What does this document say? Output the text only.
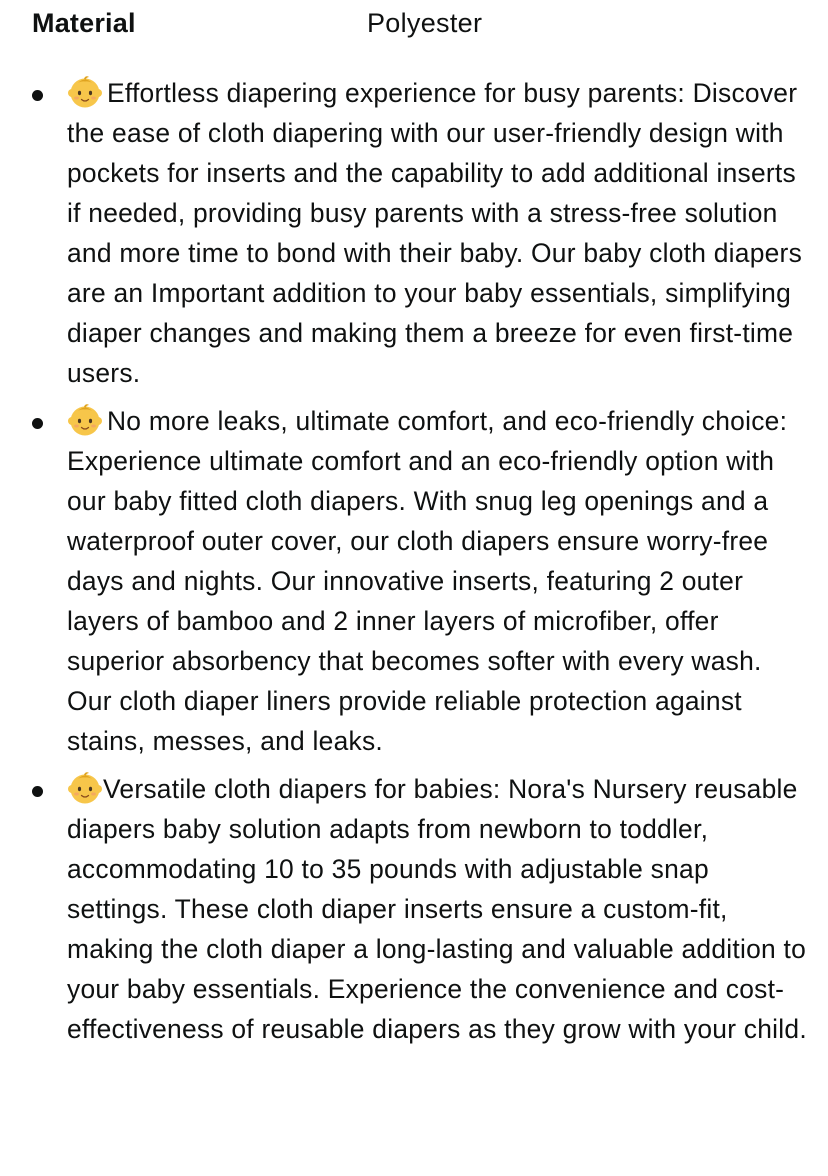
Material	Polyester
Effortless diapering experience for busy parents: Discover the ease of cloth diapering with our user-friendly design with pockets for inserts and the capability to add additional inserts if needed, providing busy parents with a stress-free solution and more time to bond with their baby. Our baby cloth diapers are an Important addition to your baby essentials, simplifying diaper changes and making them a breeze for even first-time users.
No more leaks, ultimate comfort, and eco-friendly choice: Experience ultimate comfort and an eco-friendly option with our baby fitted cloth diapers. With snug leg openings and a waterproof outer cover, our cloth diapers ensure worry-free days and nights. Our innovative inserts, featuring 2 outer layers of bamboo and 2 inner layers of microfiber, offer superior absorbency that becomes softer with every wash. Our cloth diaper liners provide reliable protection against stains, messes, and leaks.
Versatile cloth diapers for babies: Nora's Nursery reusable diapers baby solution adapts from newborn to toddler, accommodating 10 to 35 pounds with adjustable snap settings. These cloth diaper inserts ensure a custom-fit, making the cloth diaper a long-lasting and valuable addition to your baby essentials. Experience the convenience and cost-effectiveness of reusable diapers as they grow with your child.
